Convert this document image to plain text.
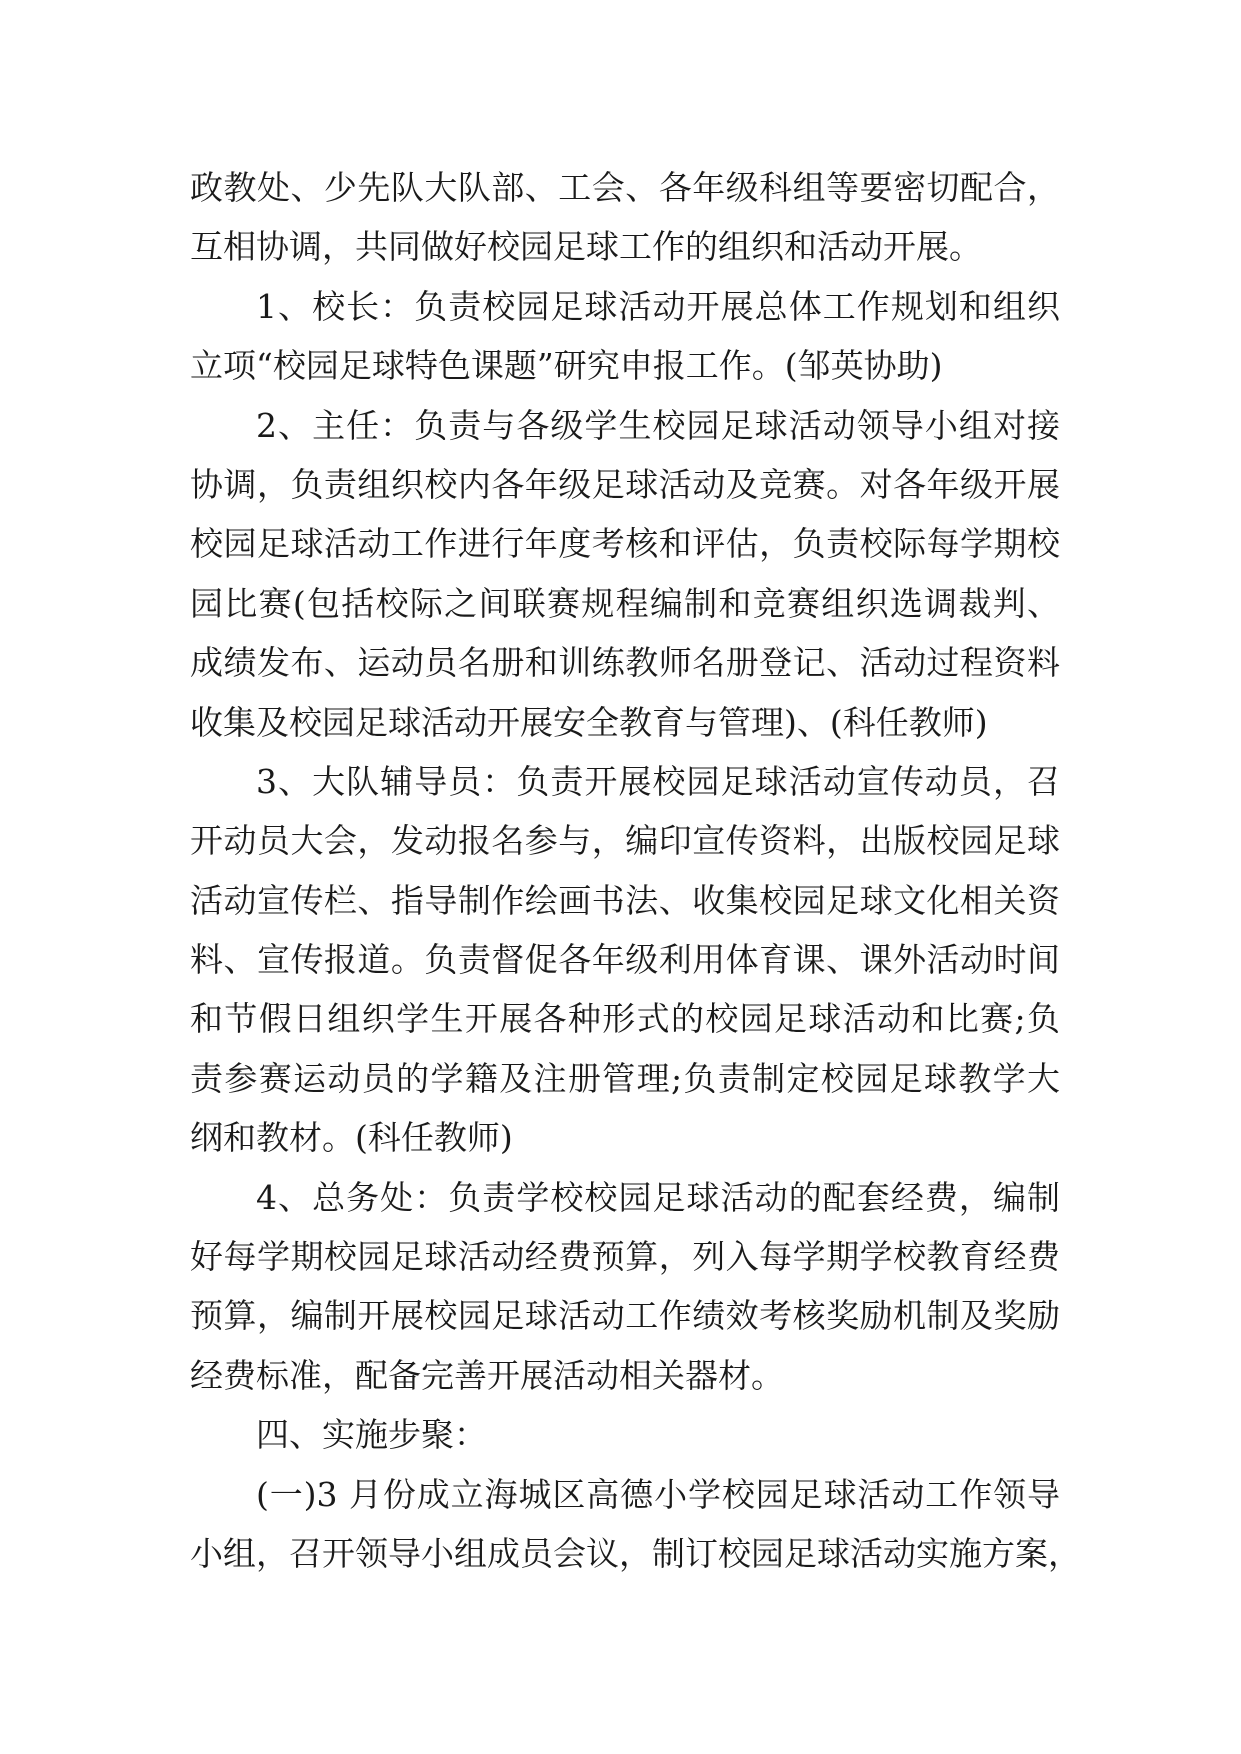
政教处、少先队大队部、工会、各年级科组等要密切配合，
互相协调，共同做好校园足球工作的组织和活动开展。
1、校长：负责校园足球活动开展总体工作规划和组织
立项“校园足球特色课题”研究申报工作。(邹英协助)
2、主任：负责与各级学生校园足球活动领导小组对接
协调，负责组织校内各年级足球活动及竞赛。对各年级开展
校园足球活动工作进行年度考核和评估，负责校际每学期校
园比赛(包括校际之间联赛规程编制和竞赛组织选调裁判、
成绩发布、运动员名册和训练教师名册登记、活动过程资料
收集及校园足球活动开展安全教育与管理)、(科任教师)
3、大队辅导员：负责开展校园足球活动宣传动员，召
开动员大会，发动报名参与，编印宣传资料，出版校园足球
活动宣传栏、指导制作绘画书法、收集校园足球文化相关资
料、宣传报道。负责督促各年级利用体育课、课外活动时间
和节假日组织学生开展各种形式的校园足球活动和比赛;负
责参赛运动员的学籍及注册管理;负责制定校园足球教学大
纲和教材。(科任教师)
4、总务处：负责学校校园足球活动的配套经费，编制
好每学期校园足球活动经费预算，列入每学期学校教育经费
预算，编制开展校园足球活动工作绩效考核奖励机制及奖励
经费标准，配备完善开展活动相关器材。
四、实施步聚：
(一)3 月份成立海城区高德小学校园足球活动工作领导
小组，召开领导小组成员会议，制订校园足球活动实施方案，
